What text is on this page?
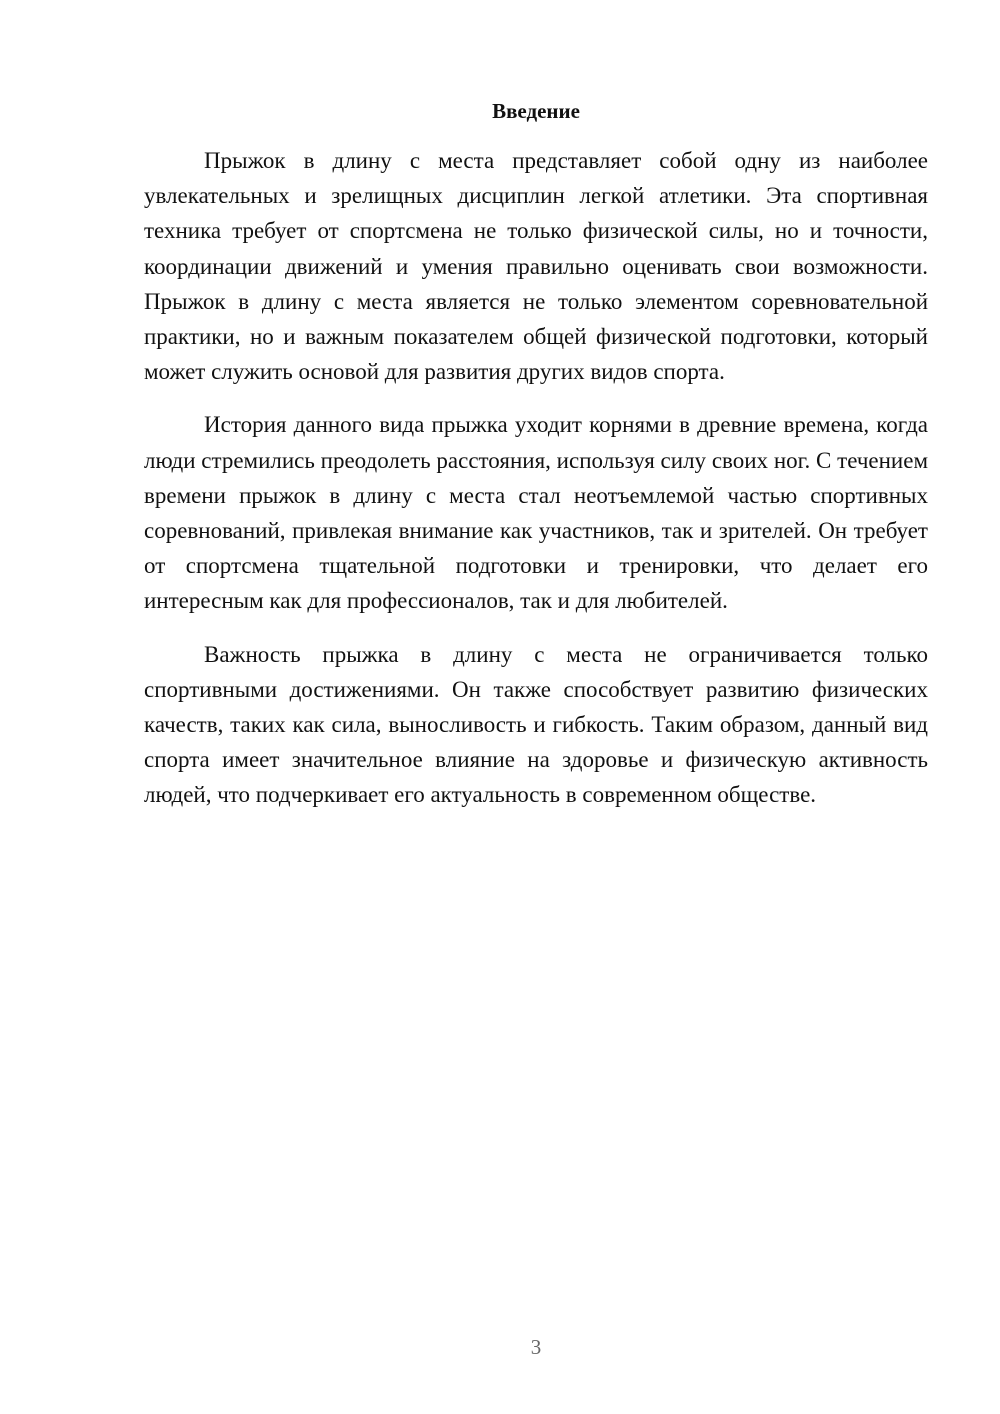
Введение

Прыжок в длину с места представляет собой одну из наиболее увлекательных и зрелищных дисциплин легкой атлетики. Эта спортивная техника требует от спортсмена не только физической силы, но и точности, координации движений и умения правильно оценивать свои возможности. Прыжок в длину с места является не только элементом соревновательной практики, но и важным показателем общей физической подготовки, который может служить основой для развития других видов спорта.

История данного вида прыжка уходит корнями в древние времена, когда люди стремились преодолеть расстояния, используя силу своих ног. С течением времени прыжок в длину с места стал неотъемлемой частью спортивных соревнований, привлекая внимание как участников, так и зрителей. Он требует от спортсмена тщательной подготовки и тренировки, что делает его интересным как для профессионалов, так и для любителей.

Важность прыжка в длину с места не ограничивается только спортивными достижениями. Он также способствует развитию физических качеств, таких как сила, выносливость и гибкость. Таким образом, данный вид спорта имеет значительное влияние на здоровье и физическую активность людей, что подчеркивает его актуальность в современном обществе.

3
